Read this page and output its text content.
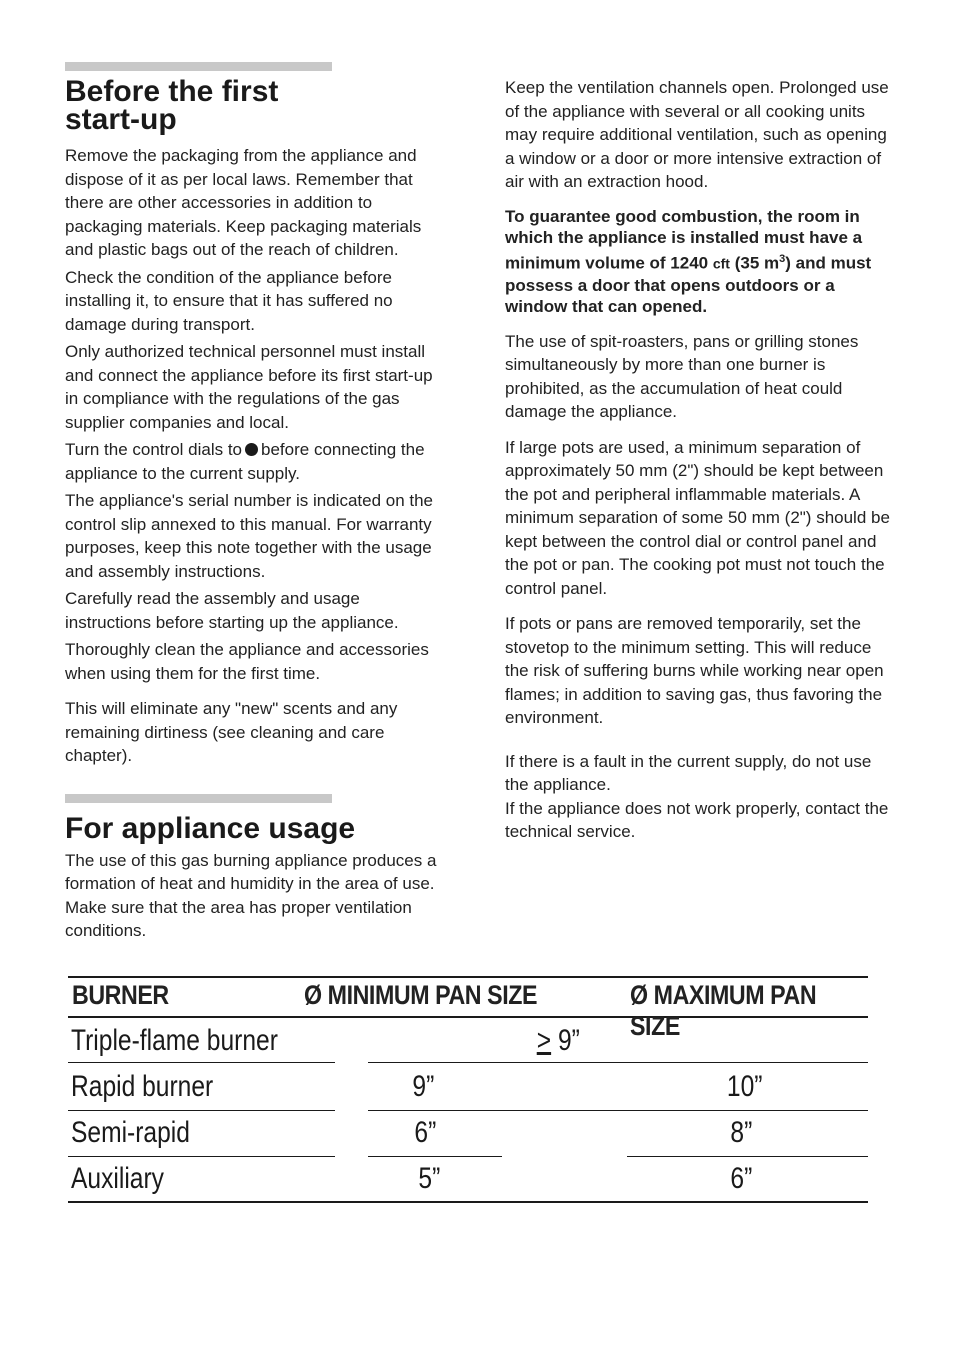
Before the first
start-up

Remove the packaging from the appliance and dispose of it as per local laws. Remember that there are other accessories in addition to packaging materials. Keep packaging materials and plastic bags out of the reach of children.

Check the condition of the appliance before installing it, to ensure that it has suffered no damage during transport.

Only authorized technical personnel must install and connect the appliance before its first start-up in compliance with the regulations of the gas supplier companies and local.

Turn the control dials to before connecting the appliance to the current supply.

The appliance's serial number is indicated on the control slip annexed to this manual. For warranty purposes, keep this note together with the usage and assembly instructions.

Carefully read the assembly and usage instructions before starting up the appliance.

Thoroughly clean the appliance and accessories when using them for the first time.

This will eliminate any "new" scents and any remaining dirtiness (see cleaning and care chapter).

For appliance usage

The use of this gas burning appliance produces a formation of heat and humidity in the area of use. Make sure that the area has proper ventilation conditions.

Keep the ventilation channels open. Prolonged use of the appliance with several or all cooking units may require additional ventilation, such as opening a window or a door or more intensive extraction of air with an extraction hood.

To guarantee good combustion, the room in which the appliance is installed must have a minimum volume of 1240 cft (35 $m^3$) and must possess a door that opens outdoors or a window that can opened.

The use of spit-roasters, pans or grilling stones simultaneously by more than one burner is prohibited, as the accumulation of heat could damage the appliance.

If large pots are used, a minimum separation of approximately 50 mm (2") should be kept between the pot and peripheral inflammable materials. A minimum separation of some 50 mm (2") should be kept between the control dial or control panel and the pot or pan. The cooking pot must not touch the control panel.

If pots or pans are removed temporarily, set the stovetop to the minimum setting. This will reduce the risk of suffering burns while working near open flames; in addition to saving gas, thus favoring the environment.

If there is a fault in the current supply, do not use the appliance.

If the appliance does not work properly, contact the technical service.

BURNER	Ø MINIMUM PAN SIZE	Ø MAXIMUM PAN SIZE
Triple-flame burner	≥ 9”
Rapid burner	9”	10”
Semi-rapid	6”	8”
Auxiliary	5”	6”
